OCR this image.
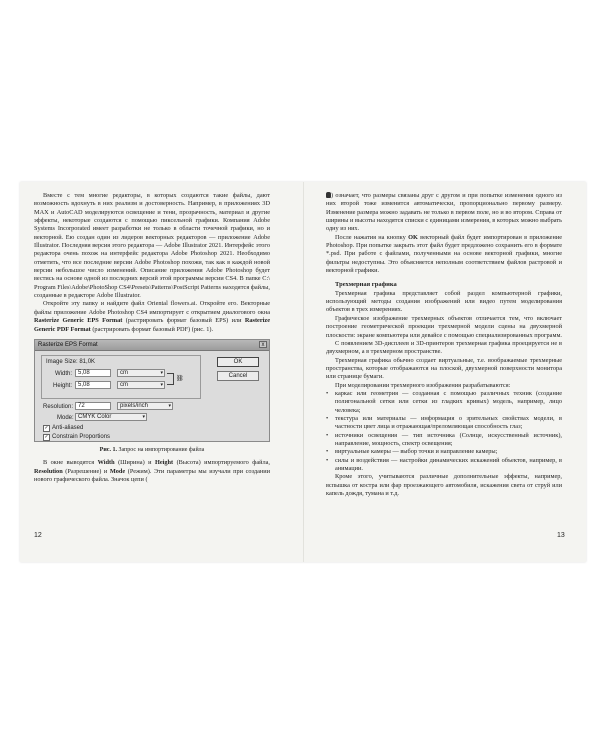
Вместе с тем многие редакторы, в которых создаются такие файлы, дают возможность вдохнуть в них реализм и достоверность. Например, в приложениях 3D MAX и AutoCAD моделируются освещение и тени, прозрачность, материал и другие эффекты, некоторые создаются с помощью пиксельной графики. Компания Adobe Systems Incorporated имеет разработки не только в области точечной графики, но и векторной. Ею создан один из лидеров векторных редакторов — приложение Adobe Illustrator. Последняя версия этого редактора — Adobe Illustrator 2021. Интерфейс этого редактора очень похож на интерфейс редактора Adobe Photoshop 2021. Необходимо отметить, что все последние версии Adobe Photoshop похожи, так как в каждой новой версии небольшое число изменений. Описание приложения Adobe Photoshop будет вестись на основе одной из последних версий этой программы версии CS4. В папке C:\ Program Files\Adobe\PhotoShop CS4\Presets\Patterns\PostScript Patterns находятся файлы, созданные в редакторе Adobe Illustrator.

Откройте эту папку и найдите файл Oriental flowers.ai. Откройте его. Векторные файлы приложение Adobe Photoshop CS4 импортирует с открытием диалогового окна Rasterize Generic EPS Format (растрировать формат базовый EPS) или Rasterize Generic PDF Format (растрировать формат базовый PDF) (рис. 1).

Rasterize EPS Format	x
Image Size: 81,0K
Width: 5,08	cm	▾
Height: 5,08	cm	▾
⛓
Resolution: 72	pixels/inch	▾
Mode: CMYK Color	▾
✓ Anti-aliased
✓ Constrain Proportions
OK
Cancel
Рис. 1. Запрос на импортирование файла

В окне выводятся Width (Ширина) и Height (Высота) импортируемого файла, Resolution (Разрешение) и Mode (Режим). Эти параметры мы изучали при создании нового графического файла. Значок цепи (

12

) означает, что размеры связаны друг с другом и при попытке изменения одного из них второй тоже изменится автоматически, пропорционально первому размеру. Изменение размера можно задавать не только в первом поле, но и во втором. Справа от ширины и высоты находятся списки с единицами измерения, в которых можно выбрать одну из них.

После нажатия на кнопку OK векторный файл будет импортирован в приложение Photoshop. При попытке закрыть этот файл будет предложено сохранить его в формате *.psd. При работе с файлами, полученными на основе векторной графики, многие фильтры недоступны. Это объясняется неполным соответствием файлов растровой и векторной графики.

Трехмерная графика

Трехмерная графика представляет собой раздел компьютерной графики, использующий методы создания изображений или видео путем моделирования объектов в трех измерениях.

Графическое изображение трехмерных объектов отличается тем, что включает построение геометрической проекции трехмерной модели сцены на двухмерной плоскости: экране компьютера или девайсе с помощью специализированных программ.

С появлением 3D-дисплеев и 3D-принтеров трехмерная графика проецируется не в двухмерном, а в трехмерном пространстве.

Трехмерная графика обычно создает виртуальные, т.е. воображаемые трехмерные пространства, которые отображаются на плоской, двухмерной поверхности монитора или странице бумаги.

При моделировании трехмерного изображения разрабатываются:

• каркас или геометрия — созданная с помощью различных техник (создание полигональной сетки или сетки из гладких кривых) модель, например, лицо человека;
• текстура или материалы — информация о зрительных свойствах модели, в частности цвет лица и отражающая/преломляющая способность глаз;
• источники освещения — тип источника (Солнце, искусственный источник), направление, мощность, спектр освещения;
• виртуальные камеры — выбор точки и направление камеры;
• силы и воздействия — настройки динамических искажений объектов, например, в анимации.

Кроме этого, учитываются различные дополнительные эффекты, например, вспышка от костра или фар проезжающего автомобиля, искажения света от струй или капель дождя, тумана и т.д.

13
